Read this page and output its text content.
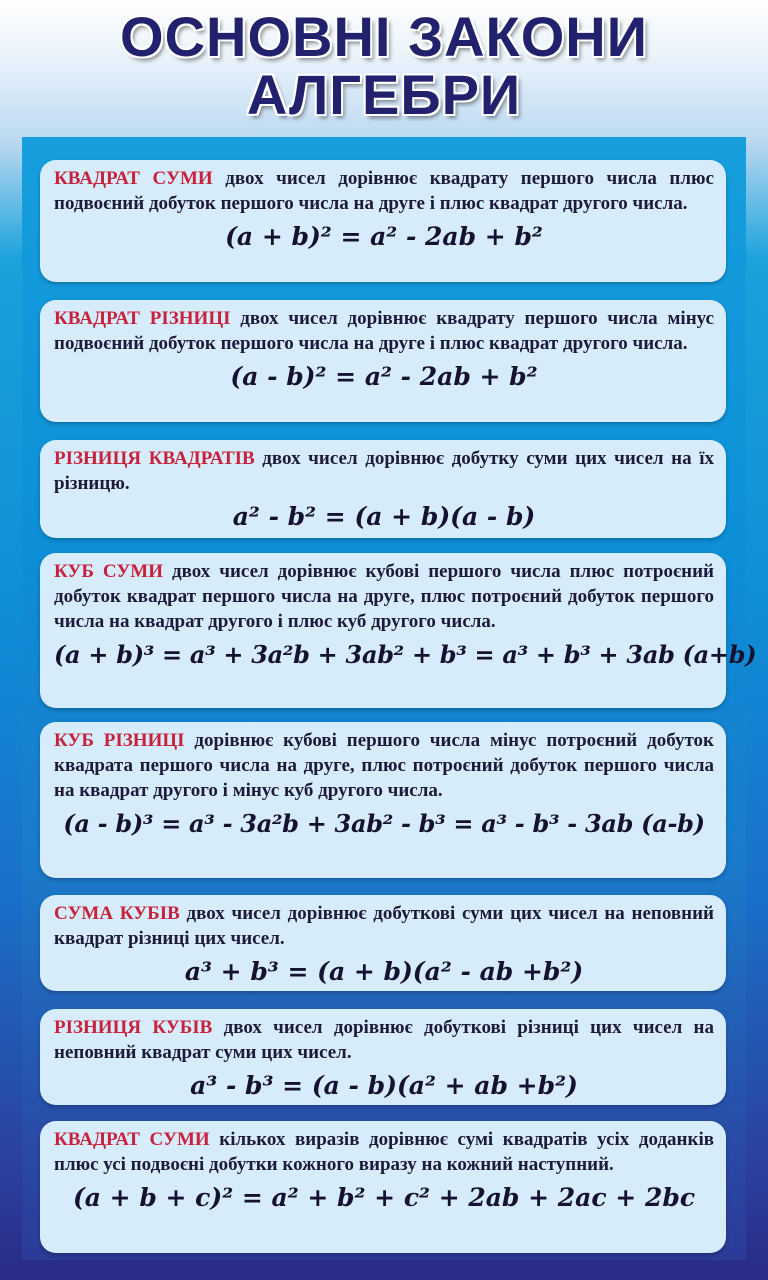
ОСНОВНІ ЗАКОНИ
АЛГЕБРИ

КВАДРАТ СУМИ двох чисел дорівнює квадрату першого числа плюс подвоєний добуток першого числа на друге і плюс квадрат другого числа.

(a + b)² = a² - 2ab + b²

КВАДРАТ РІЗНИЦІ двох чисел дорівнює квадрату першого числа мінус подвоєний добуток першого числа на друге і плюс квадрат другого числа.

(a - b)² = a² - 2ab + b²

РІЗНИЦЯ КВАДРАТІВ двох чисел дорівнює добутку суми цих чисел на їх різницю.

a² - b² = (a + b)(a - b)

КУБ СУМИ двох чисел дорівнює кубові першого числа плюс потроєний добуток квадрат першого числа на друге, плюс потроєний добуток першого числа на квадрат другого і плюс куб другого числа.

(a + b)³ = a³ + 3a²b + 3ab² + b³ = a³ + b³ + 3ab (a+b)

КУБ РІЗНИЦІ дорівнює кубові першого числа мінус потроєний добуток квадрата першого числа на друге, плюс потроєний добуток першого числа на квадрат другого і мінус куб другого числа.

(a - b)³ = a³ - 3a²b + 3ab² - b³ = a³ - b³ - 3ab (a-b)

СУМА КУБІВ двох чисел дорівнює добуткові суми цих чисел на неповний квадрат різниці цих чисел.

a³ + b³ = (a + b)(a² - ab +b²)

РІЗНИЦЯ КУБІВ двох чисел дорівнює добуткові різниці цих чисел на неповний квадрат суми цих чисел.

a³ - b³ = (a - b)(a² + ab +b²)

КВАДРАТ СУМИ кількох виразів дорівнює сумі квадратів усіх доданків плюс усі подвоєні добутки кожного виразу на кожний наступний.

(a + b + c)² = a² + b² + c² + 2ab + 2ac + 2bc
